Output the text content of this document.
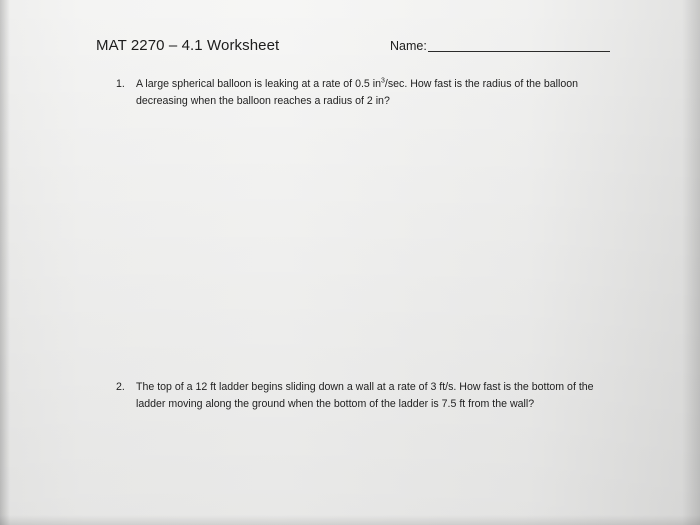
MAT 2270 – 4.1 Worksheet	Name:
1. A large spherical balloon is leaking at a rate of 0.5 $in^3/\sec$. How fast is the radius of the balloon decreasing when the balloon reaches a radius of 2 in?
2. The top of a 12 ft ladder begins sliding down a wall at a rate of 3 ft/s. How fast is the bottom of the ladder moving along the ground when the bottom of the ladder is 7.5 ft from the wall?
